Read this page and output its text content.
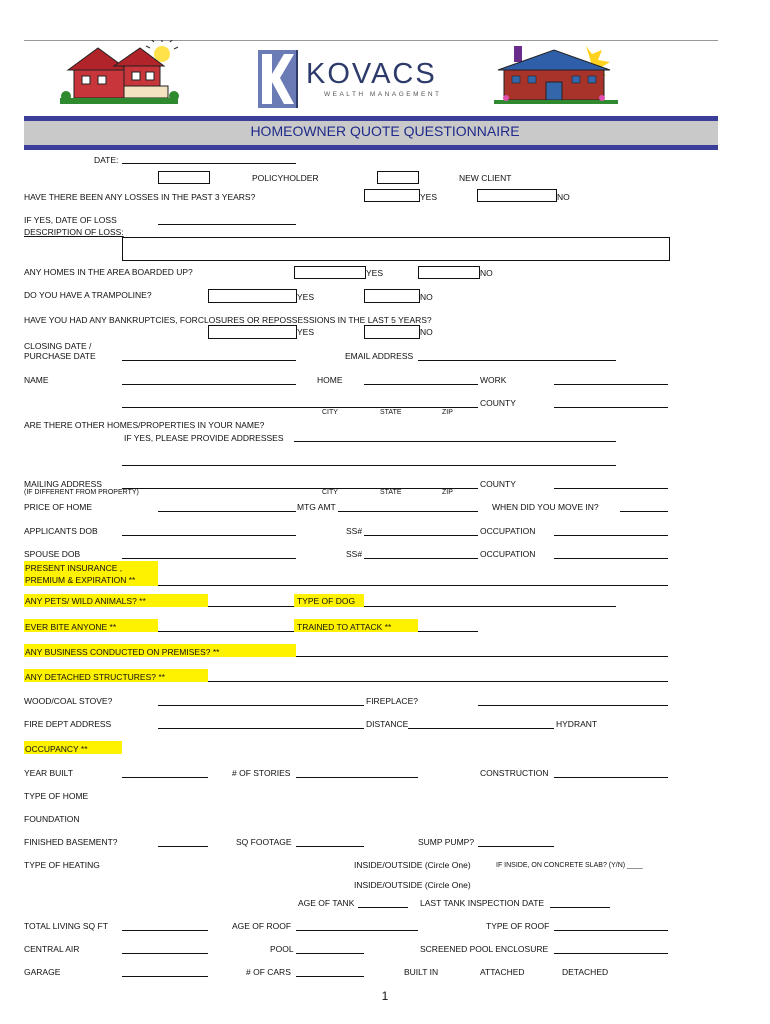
KOVACS
WEALTH MANAGEMENT
HOMEOWNER QUOTE QUESTIONNAIRE
DATE:
POLICYHOLDER	NEW CLIENT
HAVE THERE BEEN ANY LOSSES IN THE PAST 3 YEARS?	YES	NO
IF YES, DATE OF LOSS
DESCRIPTION OF LOSS:
ANY HOMES IN THE AREA BOARDED UP?	YES	NO
DO YOU HAVE A TRAMPOLINE?	YES	NO
HAVE YOU HAD ANY BANKRUPTCIES, FORCLOSURES OR REPOSSESSIONS IN THE LAST 5 YEARS?
YES	NO
CLOSING DATE /
PURCHASE DATE	EMAIL ADDRESS
NAME	HOME	WORK
COUNTY
CITY	STATE	ZIP
ARE THERE OTHER HOMES/PROPERTIES IN YOUR NAME?
IF YES, PLEASE PROVIDE ADDRESSES
MAILING ADDRESS
(IF DIFFERENT FROM PROPERTY)
COUNTY
CITY	STATE	ZIP
PRICE OF HOME	MTG AMT	WHEN DID YOU MOVE IN?
APPLICANTS DOB	SS#	OCCUPATION
SPOUSE DOB	SS#	OCCUPATION
PRESENT INSURANCE ,
PREMIUM & EXPIRATION **
ANY PETS/ WILD ANIMALS? **	TYPE OF DOG
EVER BITE ANYONE **	TRAINED TO ATTACK **
ANY BUSINESS CONDUCTED ON PREMISES? **
ANY DETACHED STRUCTURES? **
WOOD/COAL STOVE?	FIREPLACE?
FIRE DEPT ADDRESS	DISTANCE	HYDRANT
OCCUPANCY **
YEAR BUILT	# OF STORIES	CONSTRUCTION
TYPE OF HOME
FOUNDATION
FINISHED BASEMENT?	SQ FOOTAGE	SUMP PUMP?
TYPE OF HEATING	INSIDE/OUTSIDE (Circle One)	IF INSIDE, ON CONCRETE SLAB? (Y/N) ____
INSIDE/OUTSIDE (Circle One)
AGE OF TANK	LAST TANK INSPECTION DATE
TOTAL LIVING SQ FT	AGE OF ROOF	TYPE OF ROOF
CENTRAL AIR	POOL	SCREENED POOL ENCLOSURE
GARAGE	# OF CARS	BUILT IN	ATTACHED	DETACHED
1
